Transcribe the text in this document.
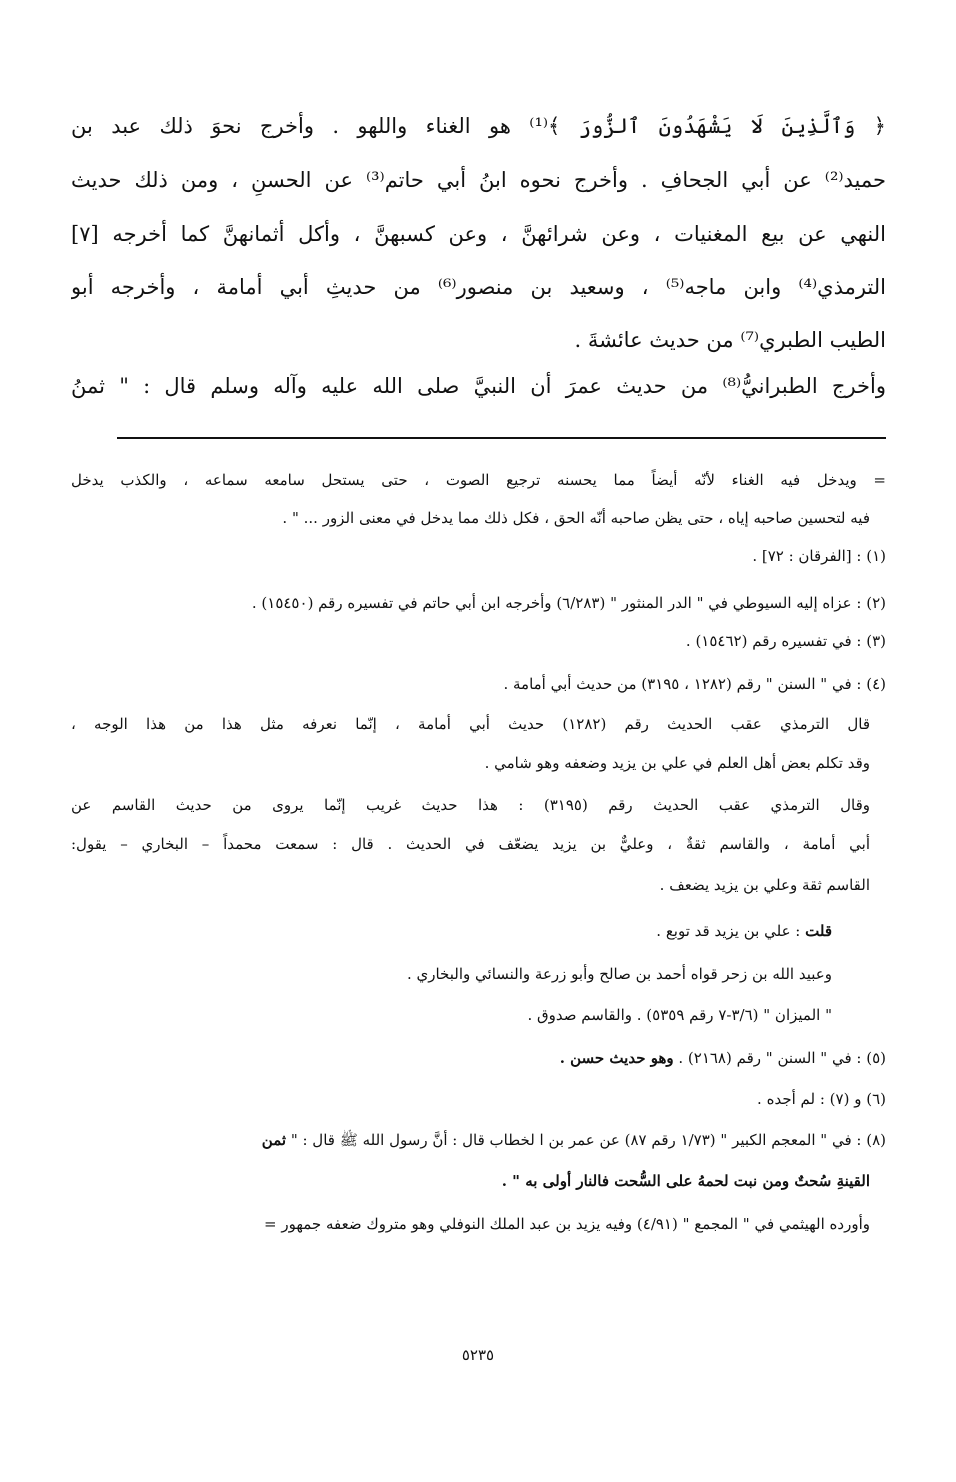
﴿ وَٱلَّذِينَ لَا يَشْهَدُونَ ٱلزُّورَ ﴾⁽¹⁾ هو الغناء واللهو . وأخرج نحوَ ذلك عبد بن
حميد⁽²⁾ عن أبي الجحافِ . وأخرج نحوه ابنُ أبي حاتم⁽³⁾ عن الحسنِ ، ومن ذلك حديث
النهي عن بيع المغنيات ، وعن شرائهنَّ ، وعن كسبهنَّ ، وأكل أثمانهنَّ كما أخرجه [٧]
الترمذي⁽⁴⁾ وابن ماجه⁽⁵⁾ ، وسعيد بن منصور⁽⁶⁾ من حديثِ أبي أمامة ، وأخرجه أبو
الطيب الطبري⁽⁷⁾ من حديث عائشةَ .
وأخرج الطبرانيُّ⁽⁸⁾ من حديث عمرَ أن النبيَّ صلى الله عليه وآله وسلم قال : " ثمنُ
= ويدخل فيه الغناء لأنّه أيضاً مما يحسنه ترجيع الصوت ، حتى يستحل سامعه سماعه ، والكذب يدخل
فيه لتحسين صاحبه إياه ، حتى يظن صاحبه أنّه الحق ، فكل ذلك مما يدخل في معنى الزور ... " .
(١) : [الفرقان : ٧٢] .
(٢) : عزاه إليه السيوطي في " الدر المنثور " (٦/٢٨٣) وأخرجه ابن أبي حاتم في تفسيره رقم (١٥٤٥٠) .
(٣) : في تفسيره رقم (١٥٤٦٢) .
(٤) : في " السنن " رقم (١٢٨٢ ، ٣١٩٥) من حديث أبي أمامة .
قال الترمذي عقب الحديث رقم (١٢٨٢) حديث أبي أمامة ، إنّما نعرفه مثل هذا من هذا الوجه ،
وقد تكلم بعض أهل العلم في علي بن يزيد وضعفه وهو شامي .
وقال الترمذي عقب الحديث رقم (٣١٩٥) : هذا حديث غريب إنّما يروى من حديث القاسم عن
أبي أمامة ، والقاسم ثقةٌ ، وعليٌّ بن يزيد يضعّف في الحديث . قال : سمعت محمداً – البخاري – يقول:
القاسم ثقة وعلي بن يزيد يضعف .
قلت : علي بن يزيد قد توبع .
وعبيد الله بن زحر قواه أحمد بن صالح وأبو زرعة والنسائي والبخاري .
" الميزان " (٣/٦-٧ رقم ٥٣٥٩) . والقاسم صدوق .
(٥) : في " السنن " رقم (٢١٦٨) . وهو حديث حسن .
(٦) و (٧) : لم أجده .
(٨) : في " المعجم الكبير " (١/٧٣ رقم ٨٧) عن عمر بن ا لخطاب قال : أنَّ رسول الله ﷺ قال : " ثمن
القينةِ سُحتٌ ومن نبت لحمهُ على السُّحت فالنار أولى به " .
وأورده الهيثمي في " المجمع " (٤/٩١) وفيه يزيد بن عبد الملك النوفلي وهو متروك ضعفه جمهور =
٥٢٣٥
